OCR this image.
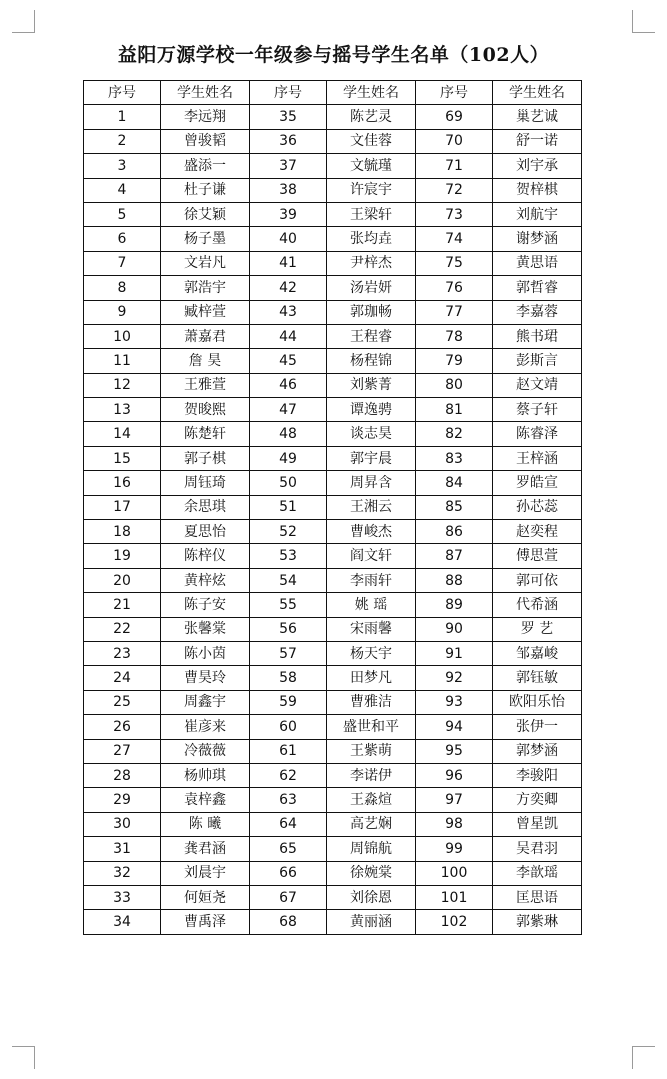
益阳万源学校一年级参与摇号学生名单（102人）
序号	学生姓名	序号	学生姓名	序号	学生姓名
1	李远翔	35	陈艺灵	69	巢艺诚
2	曾骏韬	36	文佳蓉	70	舒一诺
3	盛添一	37	文毓瑾	71	刘宇承
4	杜子谦	38	许宸宇	72	贺梓棋
5	徐艾颖	39	王梁轩	73	刘航宇
6	杨子墨	40	张均垚	74	谢梦涵
7	文岩凡	41	尹梓杰	75	黄思语
8	郭浩宇	42	汤岩妍	76	郭哲睿
9	臧梓萱	43	郭珈畅	77	李嘉蓉
10	萧嘉君	44	王程睿	78	熊书珺
11	詹 昊	45	杨程锦	79	彭斯言
12	王雅萱	46	刘紫菁	80	赵文靖
13	贺晙熙	47	谭逸骋	81	蔡子轩
14	陈楚轩	48	谈志昊	82	陈睿泽
15	郭子棋	49	郭宇晨	83	王梓涵
16	周钰琦	50	周昇含	84	罗皓宣
17	余思琪	51	王湘云	85	孙芯蕊
18	夏思怡	52	曹峻杰	86	赵奕程
19	陈梓仪	53	阎文轩	87	傅思萱
20	黄梓炫	54	李雨轩	88	郭可依
21	陈子安	55	姚 瑶	89	代希涵
22	张馨棠	56	宋雨馨	90	罗 艺
23	陈小茵	57	杨天宇	91	邹嘉峻
24	曹昊玲	58	田梦凡	92	郭钰敏
25	周鑫宇	59	曹雅洁	93	欧阳乐怡
26	崔彦来	60	盛世和平	94	张伊一
27	冷薇薇	61	王紫萌	95	郭梦涵
28	杨帅琪	62	李诺伊	96	李骏阳
29	袁梓鑫	63	王淼煊	97	方奕卿
30	陈 曦	64	高艺娴	98	曾星凯
31	龚君涵	65	周锦航	99	吴君羽
32	刘晨宇	66	徐婉棠	100	李歆瑶
33	何姮尧	67	刘徐恩	101	匡思语
34	曹禹泽	68	黄丽涵	102	郭紫琳
